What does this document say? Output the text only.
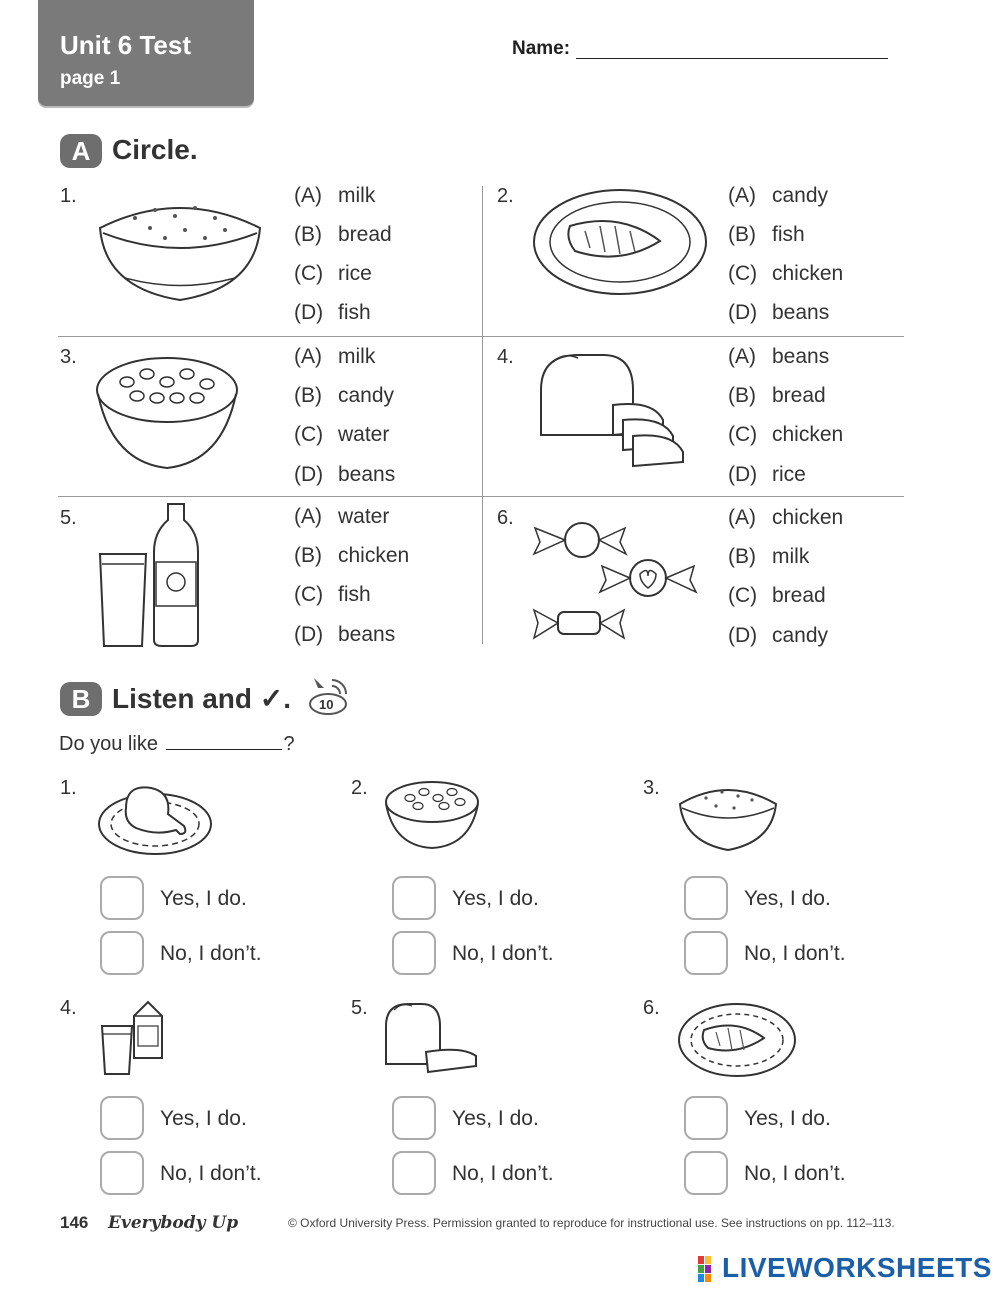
Unit 6 Test
page 1
Name:
A Circle.
1.	(A) milk
(B) bread
(C) rice
(D) fish
2.	(A) candy
(B) fish
(C) chicken
(D) beans
3.	(A) milk
(B) candy
(C) water
(D) beans
4.	(A) beans
(B) bread
(C) chicken
(D) rice
5.	(A) water
(B) chicken
(C) fish
(D) beans
6.	(A) chicken
(B) milk
(C) bread
(D) candy
B Listen and ✓. 10
Do you like	?
1.	2.	3.
Yes, I do.
No, I don’t.
Yes, I do.
No, I don’t.
Yes, I do.
No, I don’t.
4.	5.	6.
Yes, I do.
No, I don’t.
Yes, I do.
No, I don’t.
Yes, I do.
No, I don’t.
146 Everybody Up	© Oxford University Press. Permission granted to reproduce for instructional use. See instructions on pp. 112–113.
LIVEWORKSHEETS
